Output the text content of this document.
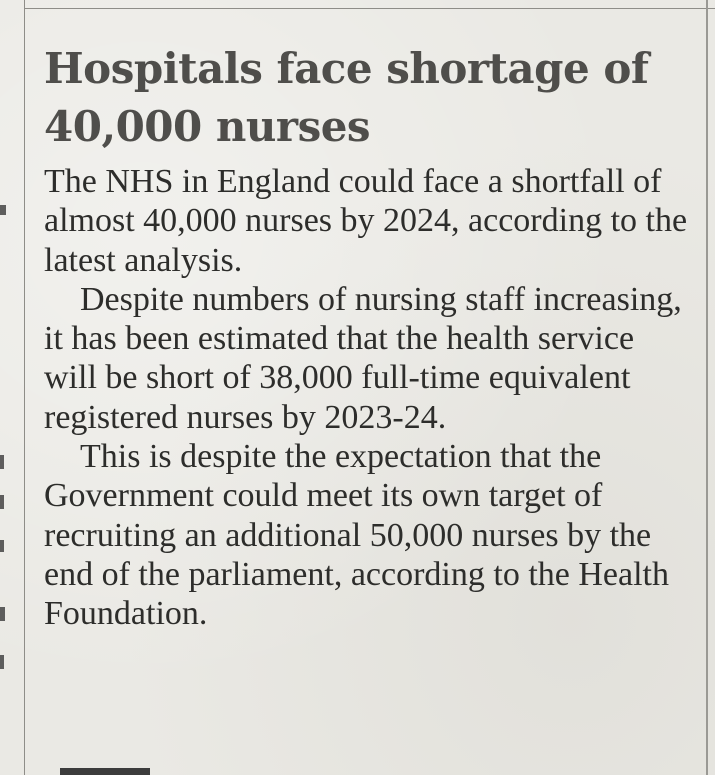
Hospitals face shortage of 40,000 nurses

The NHS in England could face a shortfall of almost 40,000 nurses by 2024, according to the latest analysis.

Despite numbers of nursing staff increasing, it has been estimated that the health service will be short of 38,000 full-time equivalent registered nurses by 2023-24.

This is despite the expectation that the Government could meet its own target of recruiting an additional 50,000 nurses by the end of the parliament, according to the Health Foundation.
